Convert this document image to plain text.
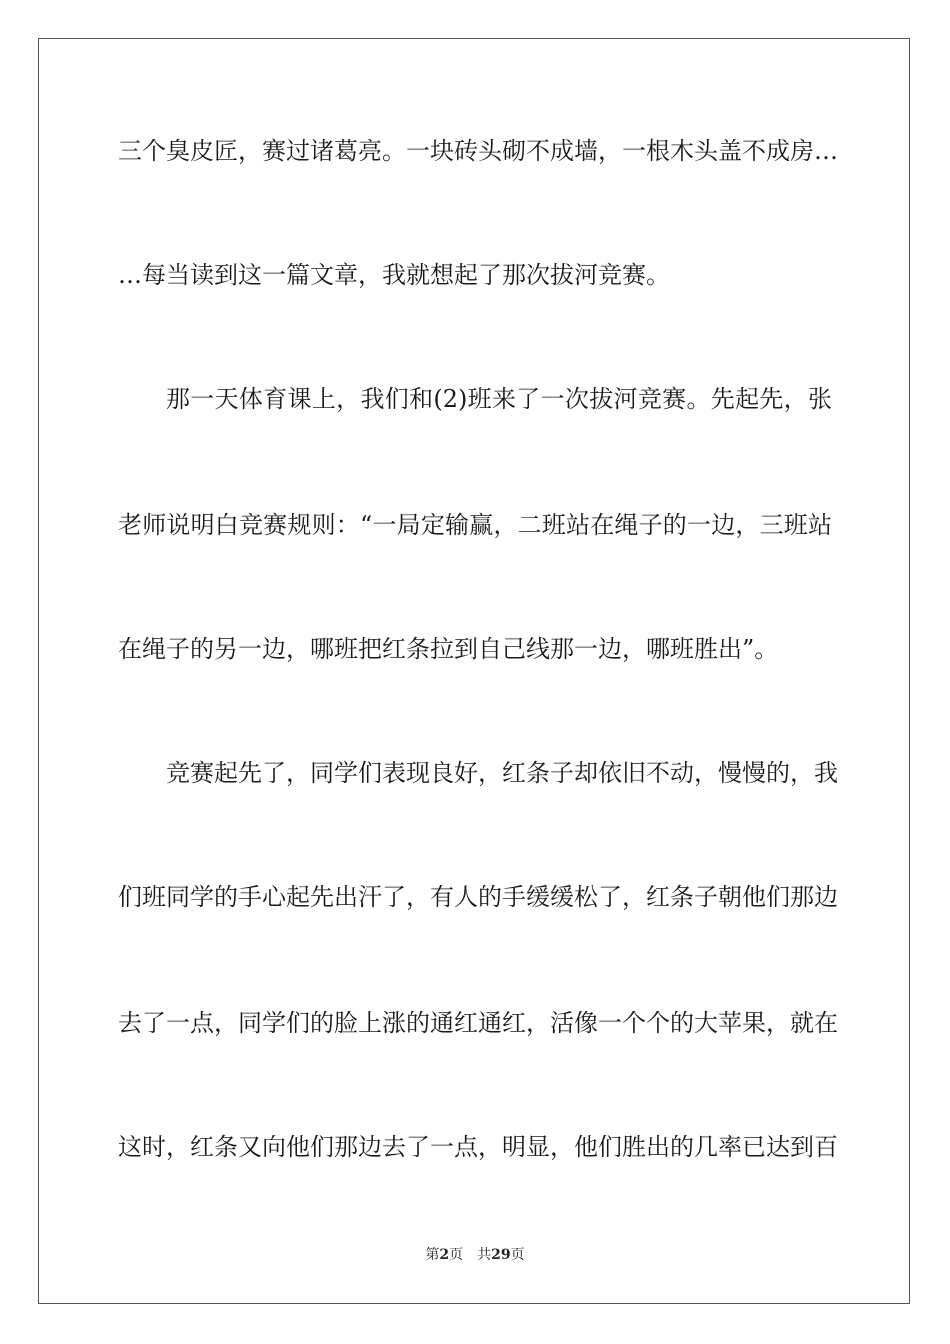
三个臭皮匠，赛过诸葛亮。一块砖头砌不成墙，一根木头盖不成房…
…每当读到这一篇文章，我就想起了那次拔河竞赛。
那一天体育课上，我们和(2)班来了一次拔河竞赛。先起先，张
老师说明白竞赛规则：“一局定输赢，二班站在绳子的一边，三班站
在绳子的另一边，哪班把红条拉到自己线那一边，哪班胜出”。
竞赛起先了，同学们表现良好，红条子却依旧不动，慢慢的，我
们班同学的手心起先出汗了，有人的手缓缓松了，红条子朝他们那边
去了一点，同学们的脸上涨的通红通红，活像一个个的大苹果，就在
这时，红条又向他们那边去了一点，明显，他们胜出的几率已达到百
第2页 共29页
